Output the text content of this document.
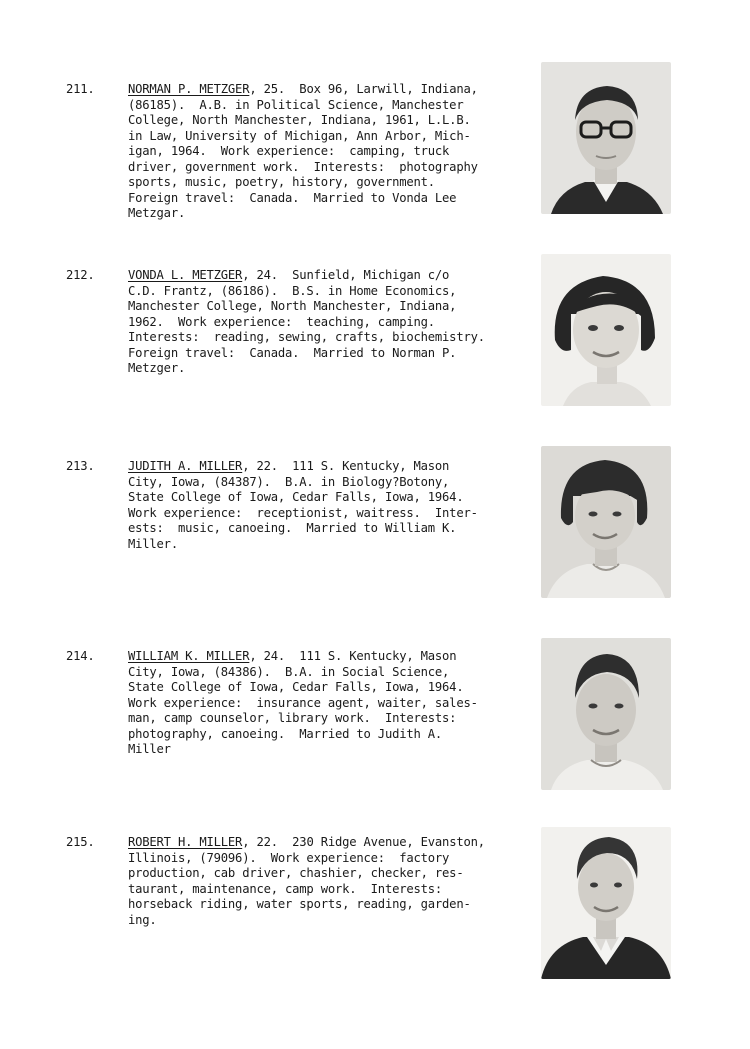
211.	NORMAN P. METZGER, 25.  Box 96, Larwill, Indiana,
(86185).  A.B. in Political Science, Manchester
College, North Manchester, Indiana, 1961, L.L.B.
in Law, University of Michigan, Ann Arbor, Mich-
igan, 1964.  Work experience:  camping, truck
driver, government work.  Interests:  photography
sports, music, poetry, history, government.
Foreign travel:  Canada.  Married to Vonda Lee
Metzgar.
212.	VONDA L. METZGER, 24.  Sunfield, Michigan c/o
C.D. Frantz, (86186).  B.S. in Home Economics,
Manchester College, North Manchester, Indiana,
1962.  Work experience:  teaching, camping.
Interests:  reading, sewing, crafts, biochemistry.
Foreign travel:  Canada.  Married to Norman P.
Metzger.
213.	JUDITH A. MILLER, 22.  111 S. Kentucky, Mason
City, Iowa, (84387).  B.A. in Biology?Botony,
State College of Iowa, Cedar Falls, Iowa, 1964.
Work experience:  receptionist, waitress.  Inter-
ests:  music, canoeing.  Married to William K.
Miller.
214.	WILLIAM K. MILLER, 24.  111 S. Kentucky, Mason
City, Iowa, (84386).  B.A. in Social Science,
State College of Iowa, Cedar Falls, Iowa, 1964.
Work experience:  insurance agent, waiter, sales-
man, camp counselor, library work.  Interests:
photography, canoeing.  Married to Judith A.
Miller
215.	ROBERT H. MILLER, 22.  230 Ridge Avenue, Evanston,
Illinois, (79096).  Work experience:  factory
production, cab driver, chashier, checker, res-
taurant, maintenance, camp work.  Interests:
horseback riding, water sports, reading, garden-
ing.
